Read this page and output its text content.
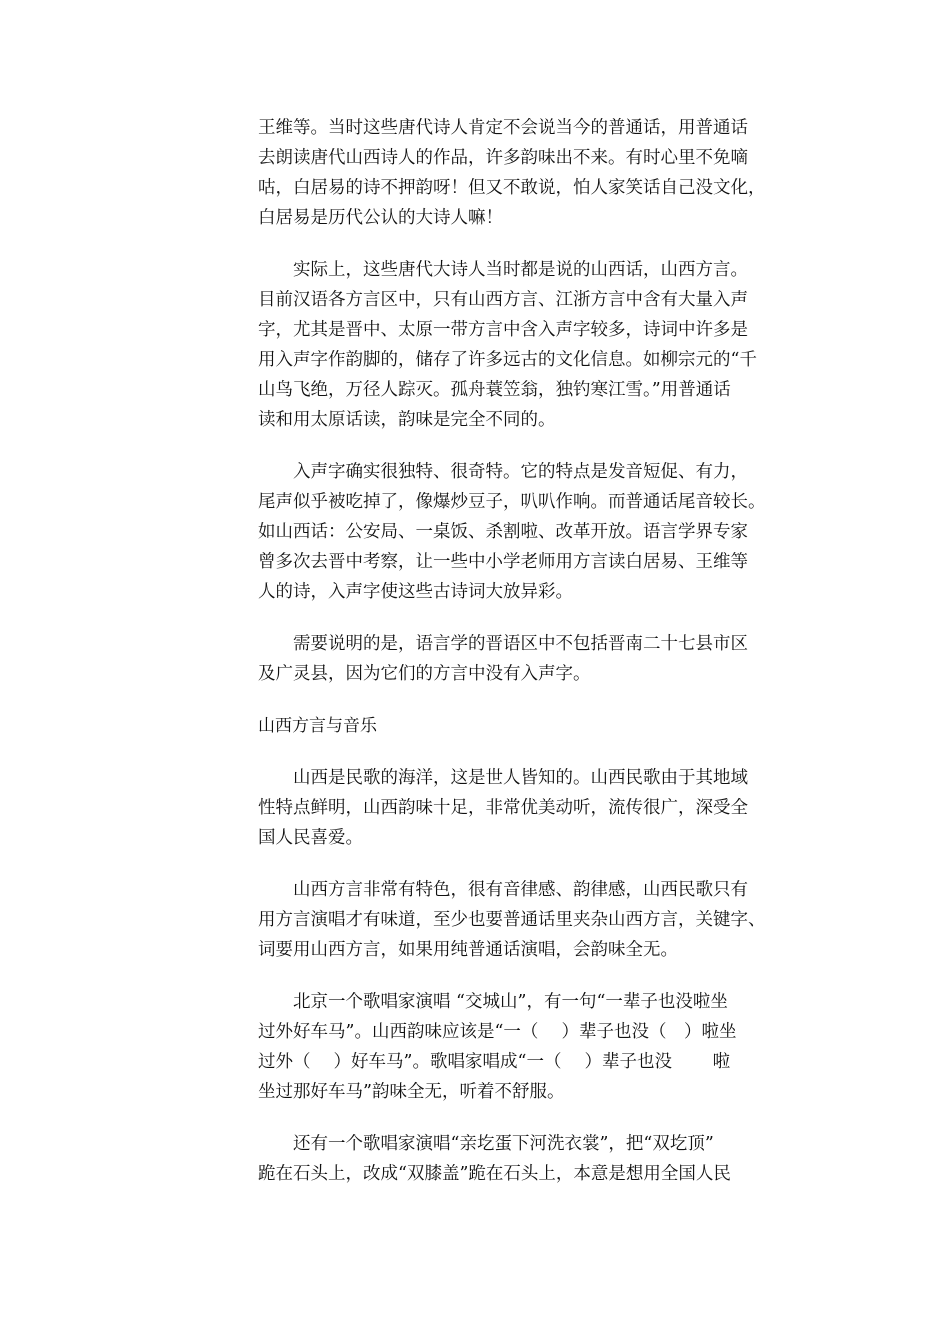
王维等。当时这些唐代诗人肯定不会说当今的普通话，用普通话
去朗读唐代山西诗人的作品，许多韵味出不来。有时心里不免嘀
咕，白居易的诗不押韵呀！但又不敢说，怕人家笑话自己没文化，
白居易是历代公认的大诗人嘛！
　　实际上，这些唐代大诗人当时都是说的山西话，山西方言。
目前汉语各方言区中，只有山西方言、江浙方言中含有大量入声
字，尤其是晋中、太原一带方言中含入声字较多，诗词中许多是
用入声字作韵脚的，储存了许多远古的文化信息。如柳宗元的“千
山鸟飞绝，万径人踪灭。孤舟蓑笠翁，独钓寒江雪。”用普通话
读和用太原话读，韵味是完全不同的。
　　入声字确实很独特、很奇特。它的特点是发音短促、有力，
尾声似乎被吃掉了，像爆炒豆子，叭叭作响。而普通话尾音较长。
如山西话：公安局、一桌饭、杀割啦、改革开放。语言学界专家
曾多次去晋中考察，让一些中小学老师用方言读白居易、王维等
人的诗，入声字使这些古诗词大放异彩。
　　需要说明的是，语言学的晋语区中不包括晋南二十七县市区
及广灵县，因为它们的方言中没有入声字。
山西方言与音乐
　　山西是民歌的海洋，这是世人皆知的。山西民歌由于其地域
性特点鲜明，山西韵味十足，非常优美动听，流传很广，深受全
国人民喜爱。
　　山西方言非常有特色，很有音律感、韵律感，山西民歌只有
用方言演唱才有味道，至少也要普通话里夹杂山西方言，关键字、
词要用山西方言，如果用纯普通话演唱，会韵味全无。
　　北京一个歌唱家演唱 “交城山”，有一句“一辈子也没啦坐
过外好车马”。山西韵味应该是“一（　 ）辈子也没（　）啦坐
过外（　 ）好车马”。歌唱家唱成“一（　 ）辈子也没　　 啦
坐过那好车马”韵味全无，听着不舒服。
　　还有一个歌唱家演唱“亲圪蛋下河洗衣裳”，把“双圪顶”
跪在石头上，改成“双膝盖”跪在石头上，本意是想用全国人民
